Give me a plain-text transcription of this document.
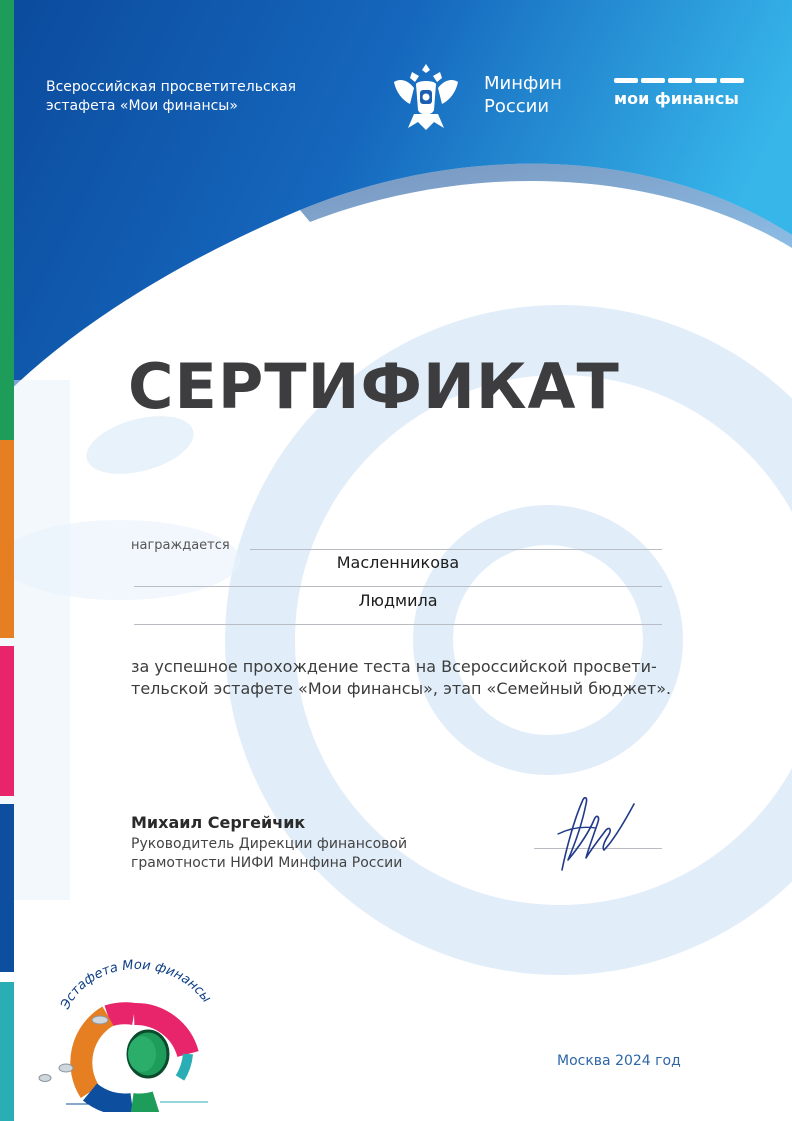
Всероссийская просветительская
эстафета «Мои финансы»

Минфин
России	мои финансы

СЕРТИФИКАТ

награждается

Масленникова

Людмила

за успешное прохождение теста на Всероссийской просвети-
тельской эстафете «Мои финансы», этап «Семейный бюджет».

Михаил Сергейчик

Руководитель Дирекции финансовой
грамотности НИФИ Минфина России

Эстафета Мои финансы

Москва 2024 год
